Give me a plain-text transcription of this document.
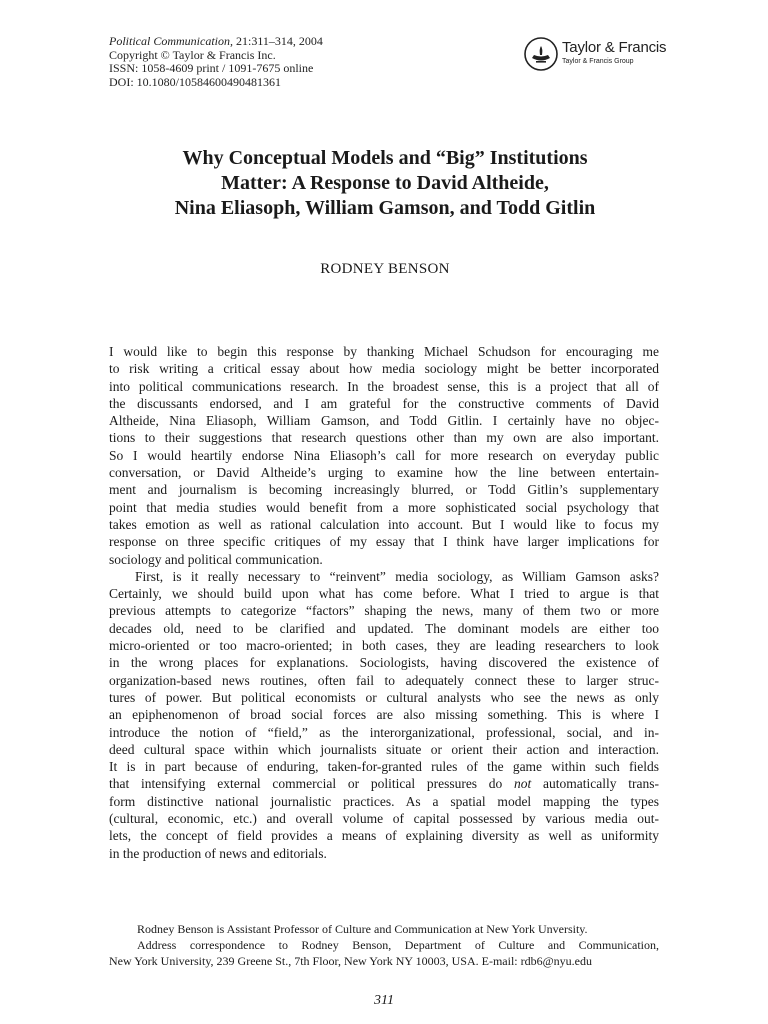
Political Communication, 21:311–314, 2004
Copyright © Taylor & Francis Inc.
ISSN: 1058-4609 print / 1091-7675 online
DOI: 10.1080/10584600490481361
Taylor & Francis
Taylor & Francis Group
Why Conceptual Models and “Big” Institutions
Matter: A Response to David Altheide,
Nina Eliasoph, William Gamson, and Todd Gitlin
RODNEY BENSON
I would like to begin this response by thanking Michael Schudson for encouraging me
to risk writing a critical essay about how media sociology might be better incorporated
into political communications research. In the broadest sense, this is a project that all of
the discussants endorsed, and I am grateful for the constructive comments of David
Altheide, Nina Eliasoph, William Gamson, and Todd Gitlin. I certainly have no objec-
tions to their suggestions that research questions other than my own are also important.
So I would heartily endorse Nina Eliasoph’s call for more research on everyday public
conversation, or David Altheide’s urging to examine how the line between entertain-
ment and journalism is becoming increasingly blurred, or Todd Gitlin’s supplementary
point that media studies would benefit from a more sophisticated social psychology that
takes emotion as well as rational calculation into account. But I would like to focus my
response on three specific critiques of my essay that I think have larger implications for
sociology and political communication.
First, is it really necessary to “reinvent” media sociology, as William Gamson asks?
Certainly, we should build upon what has come before. What I tried to argue is that
previous attempts to categorize “factors” shaping the news, many of them two or more
decades old, need to be clarified and updated. The dominant models are either too
micro-oriented or too macro-oriented; in both cases, they are leading researchers to look
in the wrong places for explanations. Sociologists, having discovered the existence of
organization-based news routines, often fail to adequately connect these to larger struc-
tures of power. But political economists or cultural analysts who see the news as only
an epiphenomenon of broad social forces are also missing something. This is where I
introduce the notion of “field,” as the interorganizational, professional, social, and in-
deed cultural space within which journalists situate or orient their action and interaction.
It is in part because of enduring, taken-for-granted rules of the game within such fields
that intensifying external commercial or political pressures do not automatically trans-
form distinctive national journalistic practices. As a spatial model mapping the types
(cultural, economic, etc.) and overall volume of capital possessed by various media out-
lets, the concept of field provides a means of explaining diversity as well as uniformity
in the production of news and editorials.
Rodney Benson is Assistant Professor of Culture and Communication at New York Unversity.
Address correspondence to Rodney Benson, Department of Culture and Communication,
New York University, 239 Greene St., 7th Floor, New York NY 10003, USA. E-mail: rdb6@nyu.edu
311
